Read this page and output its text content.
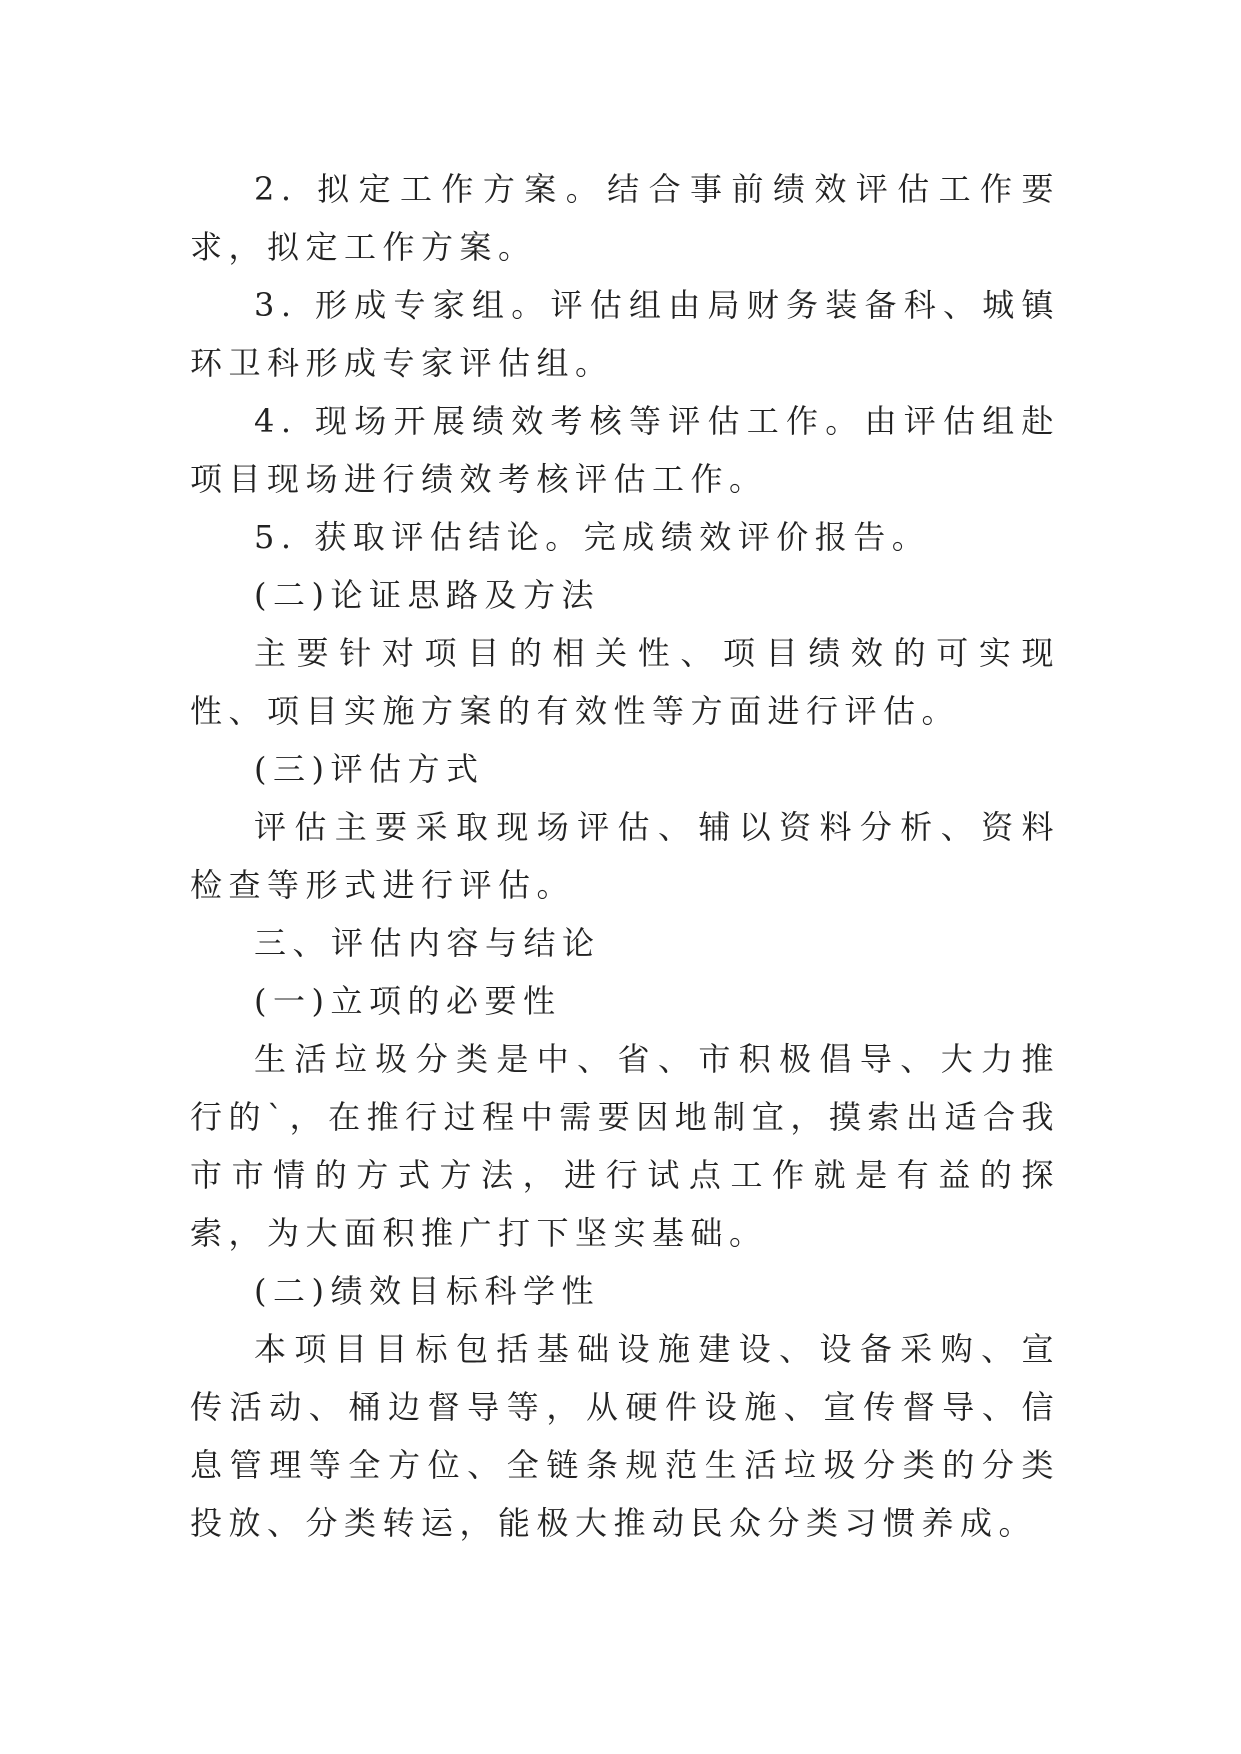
2. 拟定工作方案。结合事前绩效评估工作要求，拟定工作方案。

3. 形成专家组。评估组由局财务装备科、城镇环卫科形成专家评估组。

4. 现场开展绩效考核等评估工作。由评估组赴项目现场进行绩效考核评估工作。

5. 获取评估结论。完成绩效评价报告。

(二)论证思路及方法

主要针对项目的相关性、项目绩效的可实现性、项目实施方案的有效性等方面进行评估。

(三)评估方式

评估主要采取现场评估、辅以资料分析、资料检查等形式进行评估。

三、评估内容与结论

(一)立项的必要性

生活垃圾分类是中、省、市积极倡导、大力推行的`，在推行过程中需要因地制宜，摸索出适合我市市情的方式方法，进行试点工作就是有益的探索，为大面积推广打下坚实基础。

(二)绩效目标科学性

本项目目标包括基础设施建设、设备采购、宣传活动、桶边督导等，从硬件设施、宣传督导、信息管理等全方位、全链条规范生活垃圾分类的分类投放、分类转运，能极大推动民众分类习惯养成。
